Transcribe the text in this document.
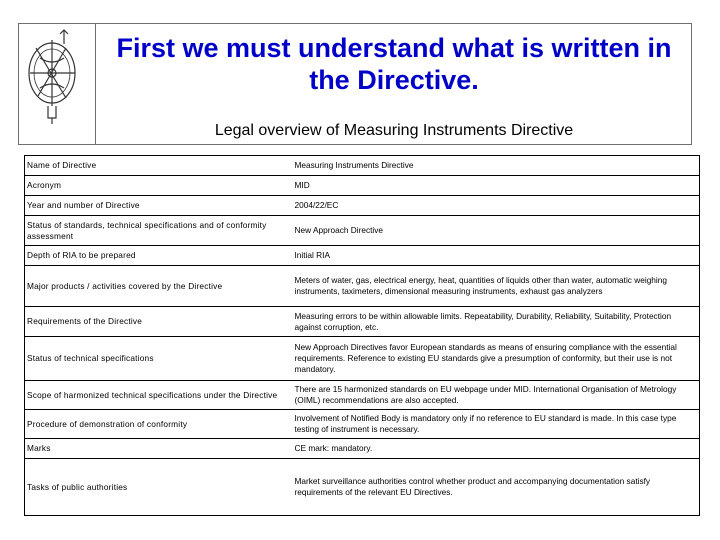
First we must understand what is written in the Directive.
Legal overview of Measuring Instruments Directive
Name of Directive	Measuring Instruments Directive
Acronym	MID
Year and number of Directive	2004/22/EC
Status of standards, technical specifications and of conformity assessment	New Approach Directive
Depth of RIA to be prepared	Initial RIA
Major products / activities covered by the Directive	Meters of water, gas, electrical energy, heat, quantities of liquids other than water, automatic weighing instruments, taximeters, dimensional measuring instruments, exhaust gas analyzers
Requirements of the Directive	Measuring errors to be within allowable limits. Repeatability, Durability, Reliability, Suitability, Protection against corruption, etc.
Status of technical specifications	New Approach Directives favor European standards as means of ensuring compliance with the essential requirements. Reference to existing EU standards give a presumption of conformity, but their use is not mandatory.
Scope of harmonized technical specifications under the Directive	There are 15 harmonized standards on EU webpage under MID. International Organisation of Metrology (OIML) recommendations are also accepted.
Procedure of demonstration of conformity	Involvement of Notified Body is mandatory only if no reference to EU standard is made. In this case type testing of instrument is necessary.
Marks	CE mark: mandatory.
Tasks of public authorities	Market surveillance authorities control whether product and accompanying documentation satisfy requirements of the relevant EU Directives.
